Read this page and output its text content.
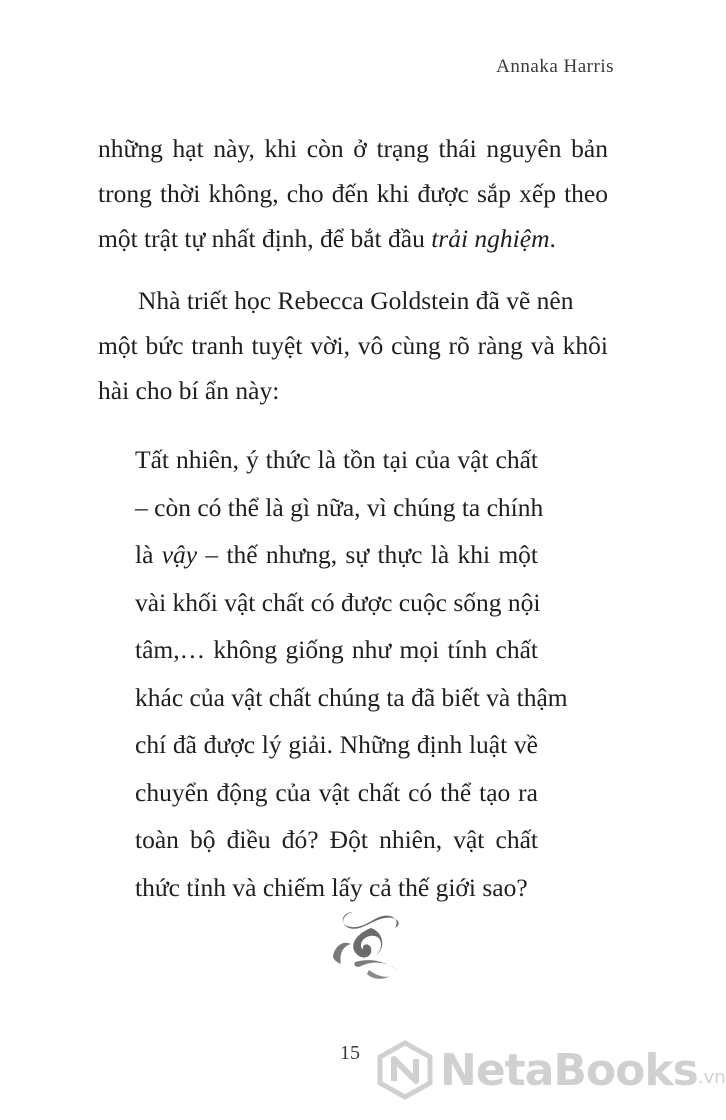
Annaka Harris
những hạt này, khi còn ở trạng thái nguyên bản
trong thời không, cho đến khi được sắp xếp theo
một trật tự nhất định, để bắt đầu trải nghiệm.
Nhà triết học Rebecca Goldstein đã vẽ nên
một bức tranh tuyệt vời, vô cùng rõ ràng và khôi
hài cho bí ẩn này:
Tất nhiên, ý thức là tồn tại của vật chất
– còn có thể là gì nữa, vì chúng ta chính
là vậy – thế nhưng, sự thực là khi một
vài khối vật chất có được cuộc sống nội
tâm,… không giống như mọi tính chất
khác của vật chất chúng ta đã biết và thậm
chí đã được lý giải. Những định luật về
chuyển động của vật chất có thể tạo ra
toàn bộ điều đó? Đột nhiên, vật chất
thức tỉnh và chiếm lấy cả thế giới sao?
15	NetaBooks .vn
